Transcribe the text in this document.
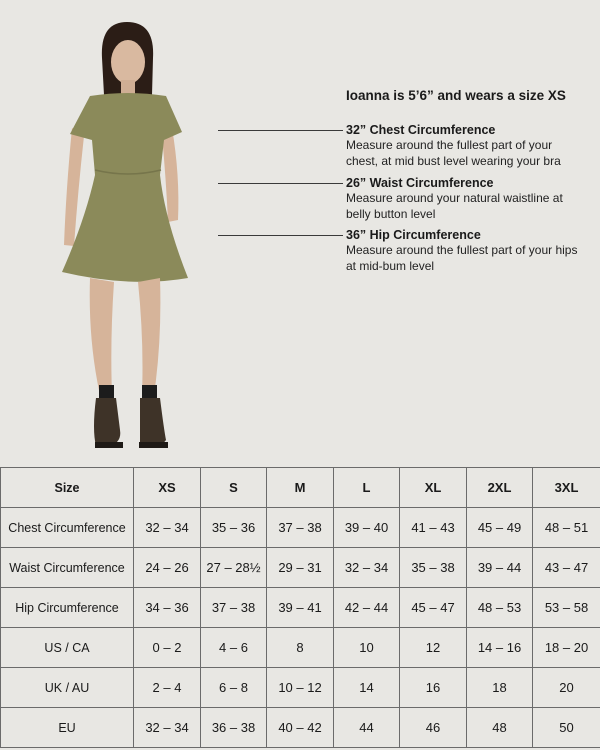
Ioanna is 5’6” and wears a size XS
32” Chest Circumference
Measure around the fullest part of your
chest, at mid bust level wearing your bra
26” Waist Circumference
Measure around your natural waistline at
belly button level
36” Hip Circumference
Measure around the fullest part of your hips
at mid-bum level
Size	XS	S	M	L	XL	2XL	3XL
Chest Circumference	32 – 34	35 – 36	37 – 38	39 – 40	41 – 43	45 – 49	48 – 51
Waist Circumference	24 – 26	27 – 28½	29 – 31	32 – 34	35 – 38	39 – 44	43 – 47
Hip Circumference	34 – 36	37 – 38	39 – 41	42 – 44	45 – 47	48 – 53	53 – 58
US / CA	0 – 2	4 – 6	8	10	12	14 – 16	18 – 20
UK / AU	2 – 4	6 – 8	10 – 12	14	16	18	20
EU	32 – 34	36 – 38	40 – 42	44	46	48	50
